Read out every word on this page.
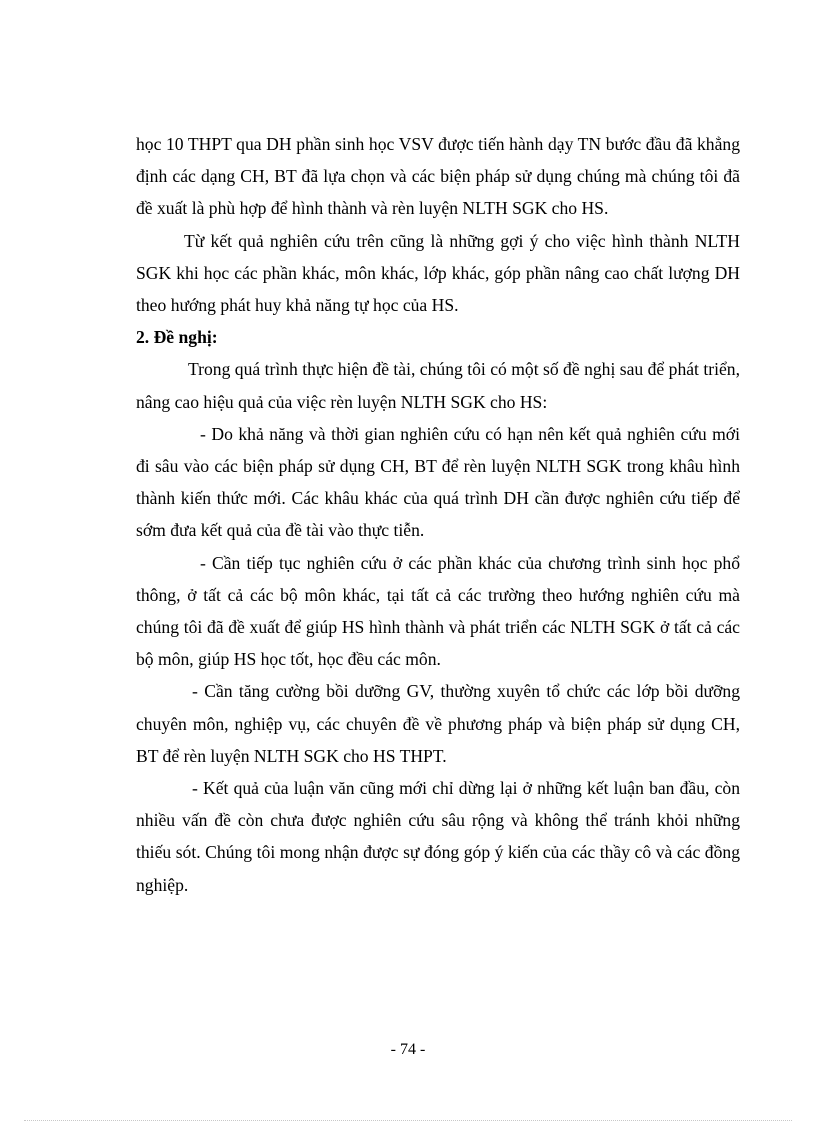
học 10 THPT qua DH phần sinh học VSV được tiến hành dạy TN bước đầu đã khẳng định các dạng CH, BT đã lựa chọn và các biện pháp sử dụng chúng mà chúng tôi đã đề xuất là phù hợp để hình thành và rèn luyện NLTH SGK cho HS.

Từ kết quả nghiên cứu trên cũng là những gợi ý cho việc hình thành NLTH SGK khi học các phần khác, môn khác, lớp khác, góp phần nâng cao chất lượng DH theo hướng phát huy khả năng tự học của HS.

2. Đề nghị:

Trong quá trình thực hiện đề tài, chúng tôi có một số đề nghị sau để phát triển, nâng cao hiệu quả của việc rèn luyện NLTH SGK cho HS:

- Do khả năng và thời gian nghiên cứu có hạn nên kết quả nghiên cứu mới đi sâu vào các biện pháp sử dụng CH, BT để rèn luyện NLTH SGK trong khâu hình thành kiến thức mới. Các khâu khác của quá trình DH cần được nghiên cứu tiếp để sớm đưa kết quả của đề tài vào thực tiễn.

- Cần tiếp tục nghiên cứu ở các phần khác của chương trình sinh học phổ thông, ở tất cả các bộ môn khác, tại tất cả các trường theo hướng nghiên cứu mà chúng tôi đã đề xuất để giúp HS hình thành và phát triển các NLTH SGK ở tất cả các bộ môn, giúp HS học tốt, học đều các môn.

- Cần tăng cường bồi dưỡng GV, thường xuyên tổ chức các lớp bồi dưỡng chuyên môn, nghiệp vụ, các chuyên đề về phương pháp và biện pháp sử dụng CH, BT để rèn luyện NLTH SGK cho HS THPT.

- Kết quả của luận văn cũng mới chỉ dừng lại ở những kết luận ban đầu, còn nhiều vấn đề còn chưa được nghiên cứu sâu rộng và không thể tránh khỏi những thiếu sót. Chúng tôi mong nhận được sự đóng góp ý kiến của các thầy cô và các đồng nghiệp.

- 74 -
